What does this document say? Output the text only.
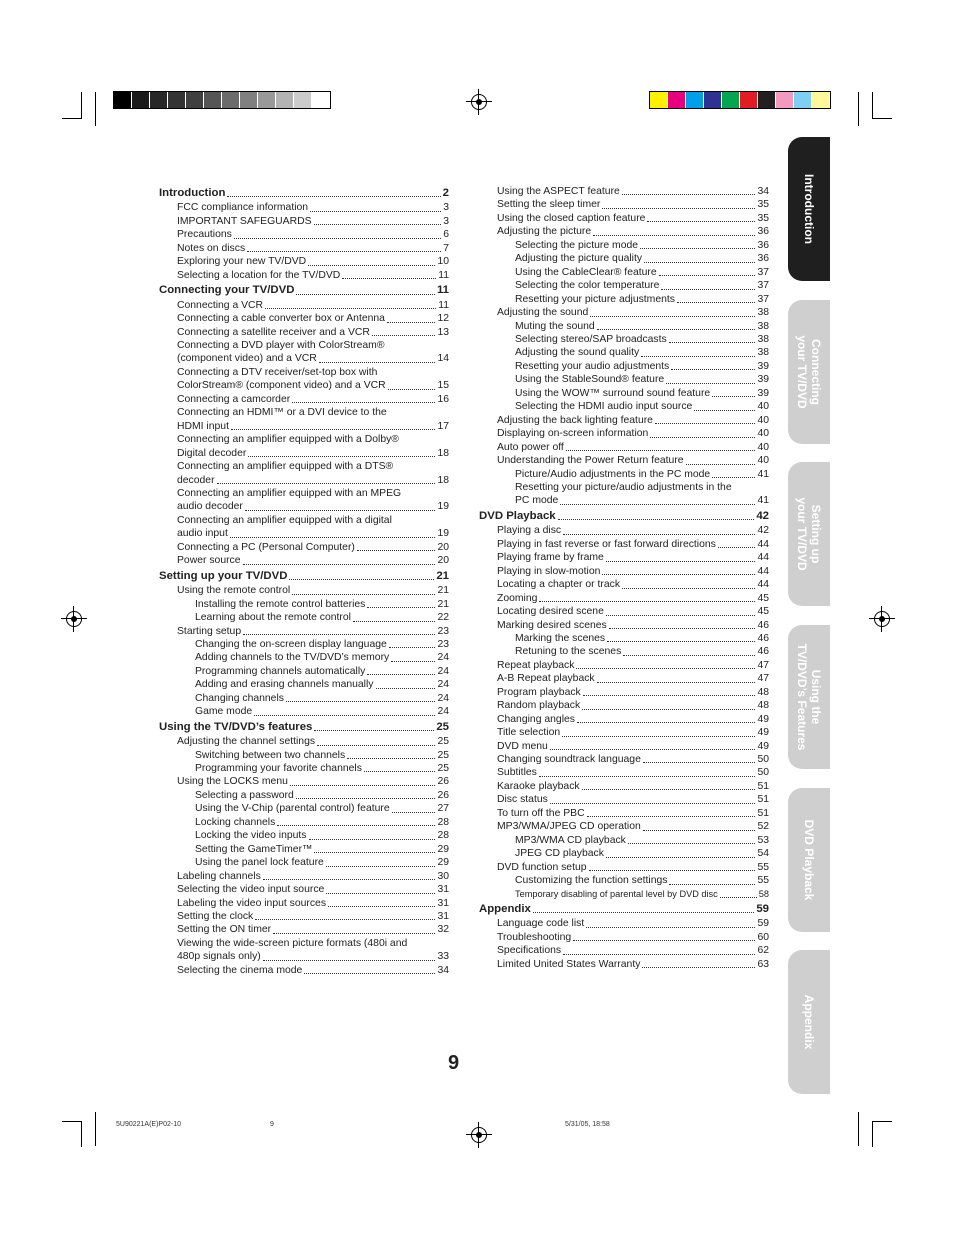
Introduction	2
FCC compliance information	3
IMPORTANT SAFEGUARDS	3
Precautions	6
Notes on discs	7
Exploring your new TV/DVD	10
Selecting a location for the TV/DVD	11
Connecting your TV/DVD	11
Connecting a VCR	11
Connecting a cable converter box or Antenna	12
Connecting a satellite receiver and a VCR	13
Connecting a DVD player with ColorStream®
(component video) and a VCR	14
Connecting a DTV receiver/set-top box with
ColorStream® (component video) and a VCR	15
Connecting a camcorder	16
Connecting an HDMI™ or a DVI device to the
HDMI input	17
Connecting an amplifier equipped with a Dolby®
Digital decoder	18
Connecting an amplifier equipped with a DTS®
decoder	18
Connecting an amplifier equipped with an MPEG
audio decoder	19
Connecting an amplifier equipped with a digital
audio input	19
Connecting a PC (Personal Computer)	20
Power source	20
Setting up your TV/DVD	21
Using the remote control	21
Installing the remote control batteries	21
Learning about the remote control	22
Starting setup	23
Changing the on-screen display language	23
Adding channels to the TV/DVD’s memory	24
Programming channels automatically	24
Adding and erasing channels manually	24
Changing channels	24
Game mode	24
Using the TV/DVD’s features	25
Adjusting the channel settings	25
Switching between two channels	25
Programming your favorite channels	25
Using the LOCKS menu	26
Selecting a password	26
Using the V-Chip (parental control) feature	27
Locking channels	28
Locking the video inputs	28
Setting the GameTimer™	29
Using the panel lock feature	29
Labeling channels	30
Selecting the video input source	31
Labeling the video input sources	31
Setting the clock	31
Setting the ON timer	32
Viewing the wide-screen picture formats (480i and
480p signals only)	33
Selecting the cinema mode	34
Using the ASPECT feature	34
Setting the sleep timer	35
Using the closed caption feature	35
Adjusting the picture	36
Selecting the picture mode	36
Adjusting the picture quality	36
Using the CableClear® feature	37
Selecting the color temperature	37
Resetting your picture adjustments	37
Adjusting the sound	38
Muting the sound	38
Selecting stereo/SAP broadcasts	38
Adjusting the sound quality	38
Resetting your audio adjustments	39
Using the StableSound® feature	39
Using the WOW™ surround sound feature	39
Selecting the HDMI audio input source	40
Adjusting the back lighting feature	40
Displaying on-screen information	40
Auto power off	40
Understanding the Power Return feature	40
Picture/Audio adjustments in the PC mode	41
Resetting your picture/audio adjustments in the
PC mode	41
DVD Playback	42
Playing a disc	42
Playing in fast reverse or fast forward directions	44
Playing frame by frame	44
Playing in slow-motion	44
Locating a chapter or track	44
Zooming	45
Locating desired scene	45
Marking desired scenes	46
Marking the scenes	46
Retuning to the scenes	46
Repeat playback	47
A-B Repeat playback	47
Program playback	48
Random playback	48
Changing angles	49
Title selection	49
DVD menu	49
Changing soundtrack language	50
Subtitles	50
Karaoke playback	51
Disc status	51
To turn off the PBC	51
MP3/WMA/JPEG CD operation	52
MP3/WMA CD playback	53
JPEG CD playback	54
DVD function setup	55
Customizing the function settings	55
Temporary disabling of parental level by DVD disc	58
Appendix	59
Language code list	59
Troubleshooting	60
Specifications	62
Limited United States Warranty	63
Introduction
Connecting
your TV/DVD
Setting up
your TV/DVD
Using the
TV/DVD’s Features
DVD Playback
Appendix
9
5U90221A(E)P02-10	9	5/31/05, 18:58
